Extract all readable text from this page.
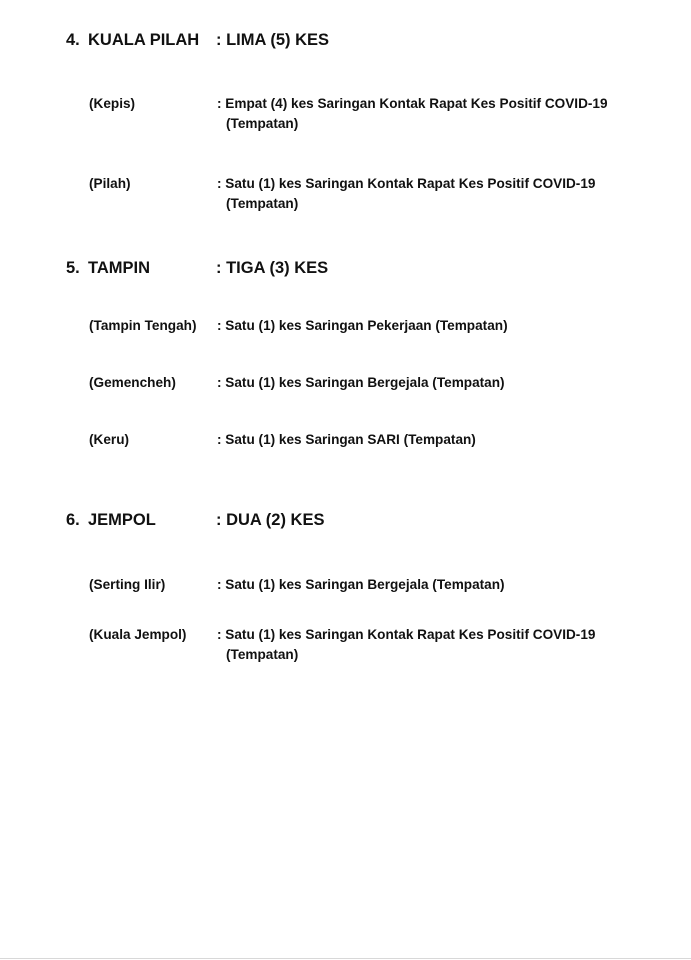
4. KUALA PILAH : LIMA (5) KES
(Kepis)	: Empat (4) kes Saringan Kontak Rapat Kes Positif COVID-19
(Tempatan)
(Pilah)	: Satu (1) kes Saringan Kontak Rapat Kes Positif COVID-19
(Tempatan)
5. TAMPIN	: TIGA (3) KES
(Tampin Tengah) : Satu (1) kes Saringan Pekerjaan (Tempatan)
(Gemencheh)	: Satu (1) kes Saringan Bergejala (Tempatan)
(Keru)	: Satu (1) kes Saringan SARI (Tempatan)
6. JEMPOL	: DUA (2) KES
(Serting Ilir)	: Satu (1) kes Saringan Bergejala (Tempatan)
(Kuala Jempol) : Satu (1) kes Saringan Kontak Rapat Kes Positif COVID-19
(Tempatan)
